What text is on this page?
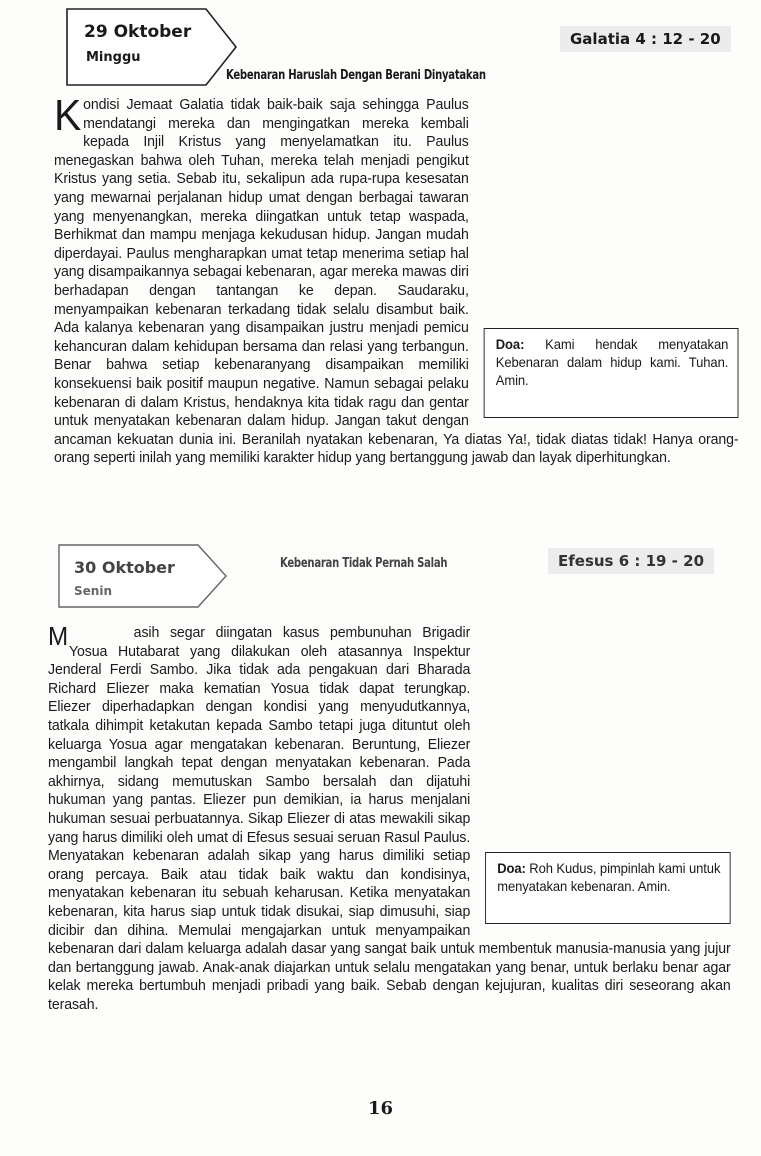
29 Oktober
Minggu
Galatia 4 : 12 - 20
Kebenaran Haruslah Dengan Berani Dinyatakan
K
Doa: Kami hendak menyatakan Kebenaran dalam hidup kami. Tuhan. Amin.
ondisi Jemaat Galatia tidak baik-baik saja sehingga Paulus mendatangi mereka dan mengingatkan mereka kembali kepada Injil Kristus yang menyelamatkan itu. Paulus menegaskan bahwa oleh Tuhan, mereka telah menjadi pengikut Kristus yang setia. Sebab itu, sekalipun ada rupa-rupa kesesatan yang mewarnai perjalanan hidup umat dengan berbagai tawaran yang menyenangkan, mereka diingatkan untuk tetap waspada, Berhikmat dan mampu menjaga kekudusan hidup. Jangan mudah diperdayai. Paulus mengharapkan umat tetap menerima setiap hal yang disampaikannya sebagai kebenaran, agar mereka mawas diri berhadapan dengan tantangan ke depan. Saudaraku, menyampaikan kebenaran terkadang tidak selalu disambut baik. Ada kalanya kebenaran yang disampaikan justru menjadi pemicu kehancuran dalam kehidupan bersama dan relasi yang terbangun. Benar bahwa setiap kebenaranyang disampaikan memiliki konsekuensi baik positif maupun negative. Namun sebagai pelaku kebenaran di dalam Kristus, hendaknya kita tidak ragu dan gentar untuk menyatakan kebenaran dalam hidup. Jangan takut dengan ancaman kekuatan dunia ini. Beranilah nyatakan kebenaran, Ya diatas Ya!, tidak diatas tidak! Hanya orang-orang seperti inilah yang memiliki karakter hidup yang bertanggung jawab dan layak diperhitungkan.
30 Oktober
Senin
Efesus 6 : 19 - 20
Kebenaran Tidak Pernah Salah
M

Doa: Roh Kudus, pimpinlah kami untuk menyatakan kebenaran. Amin.
asih segar diingatan kasus pembunuhan Brigadir Yosua Hutabarat yang dilakukan oleh atasannya Inspektur Jenderal Ferdi Sambo. Jika tidak ada pengakuan dari Bharada Richard Eliezer maka kematian Yosua tidak dapat terungkap. Eliezer diperhadapkan dengan kondisi yang menyudutkannya, tatkala dihimpit ketakutan kepada Sambo tetapi juga dituntut oleh keluarga Yosua agar mengatakan kebenaran. Beruntung, Eliezer mengambil langkah tepat dengan menyatakan kebenaran. Pada akhirnya, sidang memutuskan Sambo bersalah dan dijatuhi hukuman yang pantas. Eliezer pun demikian, ia harus menjalani hukuman sesuai perbuatannya. Sikap Eliezer di atas mewakili sikap yang harus dimiliki oleh umat di Efesus sesuai seruan Rasul Paulus. Menyatakan kebenaran adalah sikap yang harus dimiliki setiap orang percaya. Baik atau tidak baik waktu dan kondisinya, menyatakan kebenaran itu sebuah keharusan. Ketika menyatakan kebenaran, kita harus siap untuk tidak disukai, siap dimusuhi, siap dicibir dan dihina. Memulai mengajarkan untuk menyampaikan kebenaran dari dalam keluarga adalah dasar yang sangat baik untuk membentuk manusia-manusia yang jujur dan bertanggung jawab. Anak-anak diajarkan untuk selalu mengatakan yang benar, untuk berlaku benar agar kelak mereka bertumbuh menjadi pribadi yang baik. Sebab dengan kejujuran, kualitas diri seseorang akan terasah.
16
